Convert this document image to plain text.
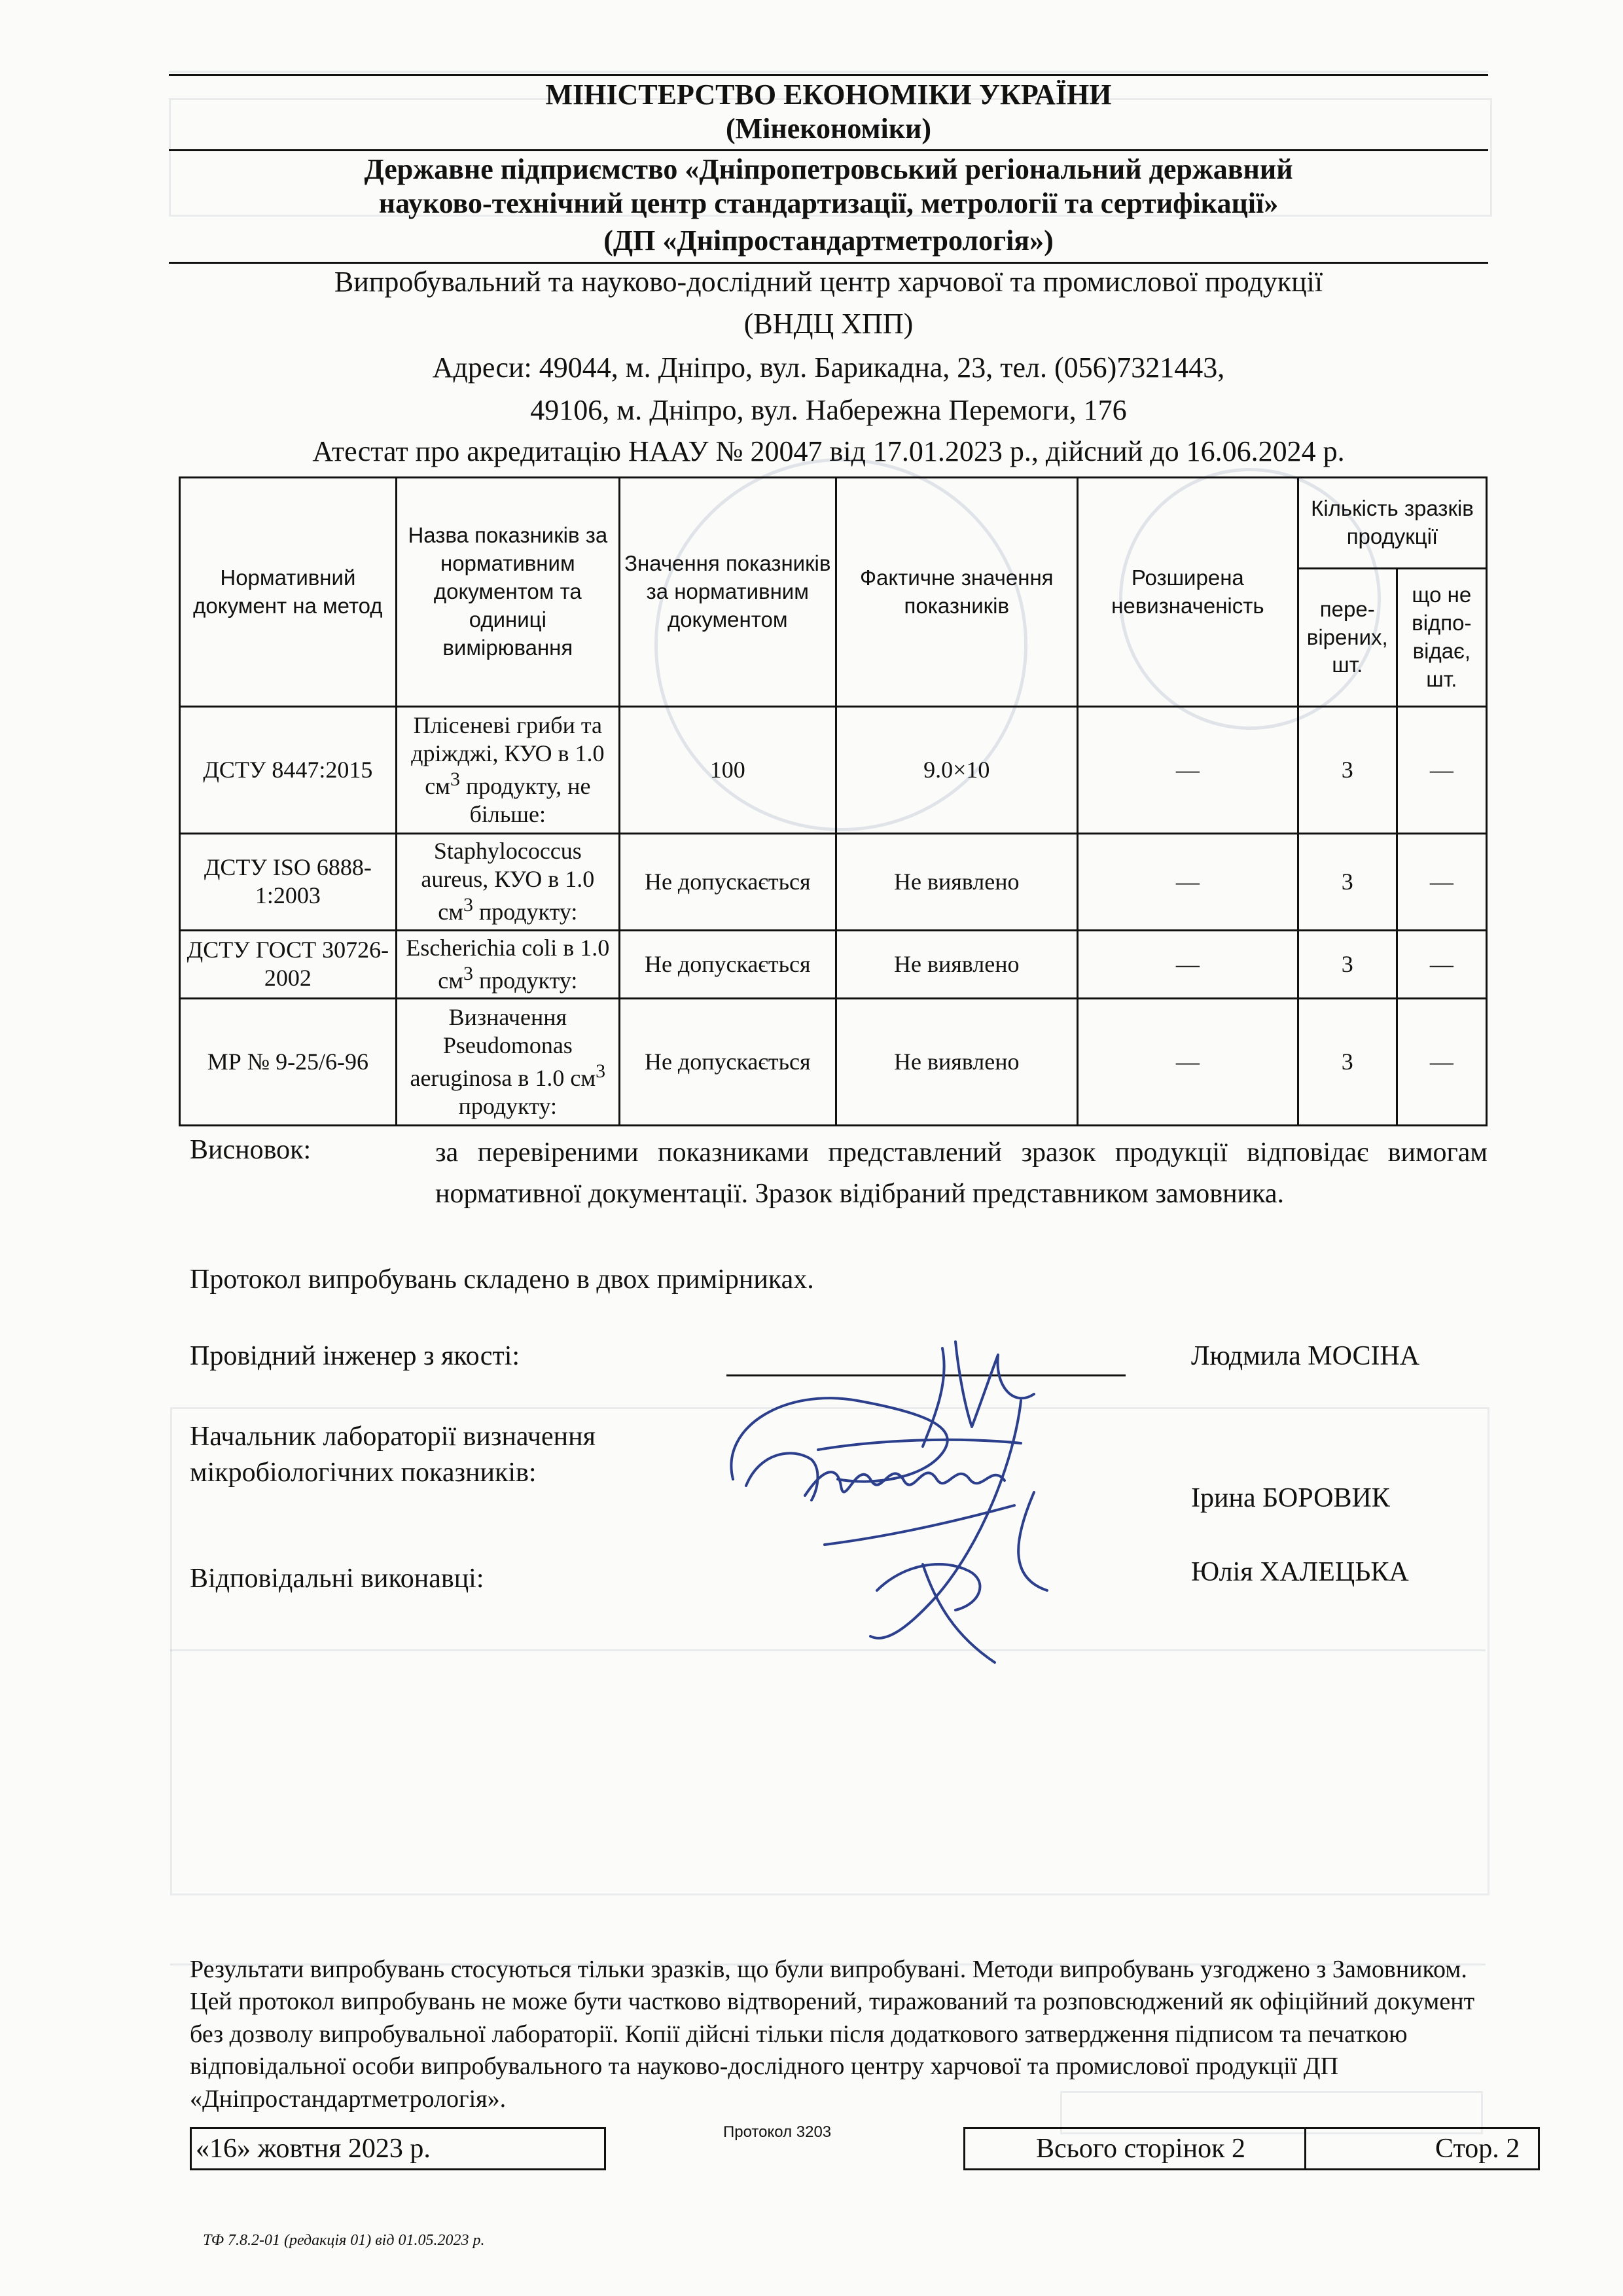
МІНІСТЕРСТВО ЕКОНОМІКИ УКРАЇНИ
(Мінекономіки)
Державне підприємство «Дніпропетровський регіональний державний
науково-технічний центр стандартизації, метрології та сертифікації»
(ДП «Дніпростандартметрологія»)
Випробувальний та науково-дослідний центр харчової та промислової продукції
(ВНДЦ ХПП)
Адреси: 49044, м. Дніпро, вул. Барикадна, 23, тел. (056)7321443,
49106, м. Дніпро, вул. Набережна Перемоги, 176
Атестат про акредитацію НААУ № 20047 від 17.01.2023 р., дійсний до 16.06.2024 р.
Нормативний документ на метод	Назва показників за нормативним документом та одиниці вимірювання	Значення показників за нормативним документом	Фактичне значення показників	Розширена невизначеність	Кількість зразків продукції	
					пере-вірених, шт.	що не відпо-відає, шт.
ДСТУ 8447:2015	Плісеневі гриби та дріжджі, КУО в 1.0 $см^3$ продукту, не більше:	100	9.0×10	—	3	—
ДСТУ ISO 6888-1:2003	Staphylococcus aureus, КУО в 1.0 $см^3$ продукту:	Не допускається	Не виявлено	—	3	—
ДСТУ ГОСТ 30726-2002	Escherichia coli в 1.0 $см^3$ продукту:	Не допускається	Не виявлено	—	3	—
МР № 9-25/6-96	Визначення Pseudomonas aeruginosa в 1.0 $см^3$ продукту:	Не допускається	Не виявлено	—	3	—
Висновок:	за перевіреними показниками представлений зразок продукції відповідає вимогам нормативної документації. Зразок відібраний представником замовника.
Протокол випробувань складено в двох примірниках.
Провідний інженер з якості:	Людмила МОСІНА
Начальник лабораторії визначення мікробіологічних показників:
Ірина БОРОВИК
Відповідальні виконавці:	Юлія ХАЛЕЦЬКА
Результати випробувань стосуються тільки зразків, що були випробувані. Методи випробувань узгоджено з Замовником. Цей протокол випробувань не може бути частково відтворений, тиражований та розповсюджений як офіційний документ без дозволу випробувальної лабораторії. Копії дійсні тільки після додаткового затвердження підписом та печаткою відповідальної особи випробувального та науково-дослідного центру харчової та промислової продукції ДП «Дніпростандартметрологія».
«16» жовтня 2023 р.
Протокол 3203
Всього сторінок 2	Стор. 2
ТФ 7.8.2-01 (редакція 01) від 01.05.2023 р.
